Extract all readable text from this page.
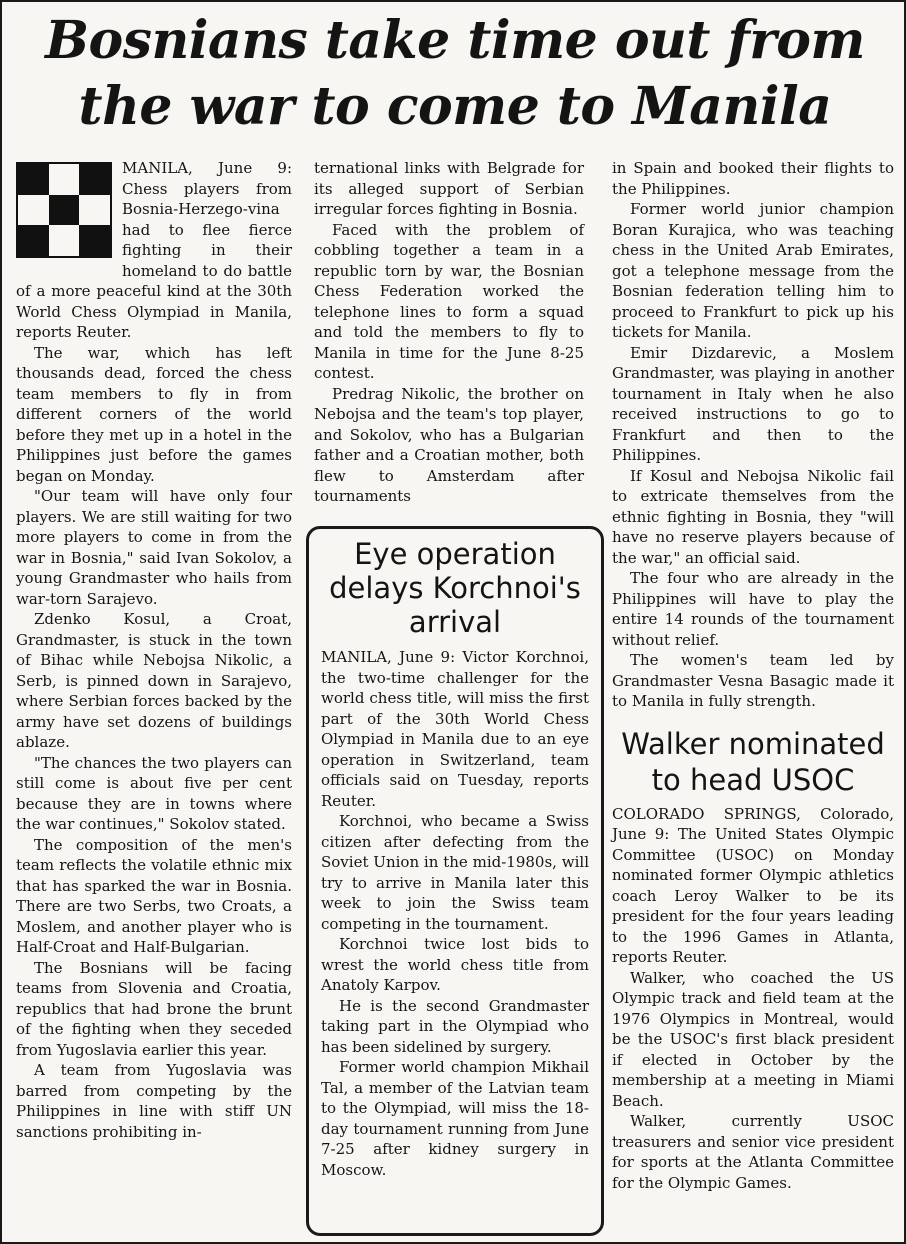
Bosnians take time out from the war to come to Manila

MANILA, June 9: Chess players from Bosnia-Herzego-vina had to flee fierce fighting in their homeland to do battle of a more peaceful kind at the 30th World Chess Olympiad in Manila, reports Reuter.

The war, which has left thousands dead, forced the chess team members to fly in from different corners of the world before they met up in a hotel in the Philippines just before the games began on Monday.

"Our team will have only four players. We are still waiting for two more players to come in from the war in Bosnia," said Ivan Sokolov, a young Grandmaster who hails from war-torn Sarajevo.

Zdenko Kosul, a Croat, Grandmaster, is stuck in the town of Bihac while Nebojsa Nikolic, a Serb, is pinned down in Sarajevo, where Serbian forces backed by the army have set dozens of buildings ablaze.

"The chances the two players can still come is about five per cent because they are in towns where the war continues," Sokolov stated.

The composition of the men's team reflects the volatile ethnic mix that has sparked the war in Bosnia. There are two Serbs, two Croats, a Moslem, and another player who is Half-Croat and Half-Bulgarian.

The Bosnians will be facing teams from Slovenia and Croatia, republics that had brone the brunt of the fighting when they seceded from Yugoslavia earlier this year.

A team from Yugoslavia was barred from competing by the Philippines in line with stiff UN sanctions prohibiting in-

ternational links with Belgrade for its alleged support of Serbian irregular forces fighting in Bosnia.

Faced with the problem of cobbling together a team in a republic torn by war, the Bosnian Chess Federation worked the telephone lines to form a squad and told the members to fly to Manila in time for the June 8-25 contest.

Predrag Nikolic, the brother on Nebojsa and the team's top player, and Sokolov, who has a Bulgarian father and a Croatian mother, both flew to Amsterdam after tournaments

Eye operation delays Korchnoi's arrival

MANILA, June 9: Victor Korchnoi, the two-time challenger for the world chess title, will miss the first part of the 30th World Chess Olympiad in Manila due to an eye operation in Switzerland, team officials said on Tuesday, reports Reuter.

Korchnoi, who became a Swiss citizen after defecting from the Soviet Union in the mid-1980s, will try to arrive in Manila later this week to join the Swiss team competing in the tournament.

Korchnoi twice lost bids to wrest the world chess title from Anatoly Karpov.

He is the second Grandmaster taking part in the Olympiad who has been sidelined by surgery.

Former world champion Mikhail Tal, a member of the Latvian team to the Olympiad, will miss the 18-day tournament running from June 7-25 after kidney surgery in Moscow.

in Spain and booked their flights to the Philippines.

Former world junior champion Boran Kurajica, who was teaching chess in the United Arab Emirates, got a telephone message from the Bosnian federation telling him to proceed to Frankfurt to pick up his tickets for Manila.

Emir Dizdarevic, a Moslem Grandmaster, was playing in another tournament in Italy when he also received instructions to go to Frankfurt and then to the Philippines.

If Kosul and Nebojsa Nikolic fail to extricate themselves from the ethnic fighting in Bosnia, they "will have no reserve players because of the war," an official said.

The four who are already in the Philippines will have to play the entire 14 rounds of the tournament without relief.

The women's team led by Grandmaster Vesna Basagic made it to Manila in fully strength.

Walker nominated to head USOC

COLORADO SPRINGS, Colorado, June 9: The United States Olympic Committee (USOC) on Monday nominated former Olympic athletics coach Leroy Walker to be its president for the four years leading to the 1996 Games in Atlanta, reports Reuter.

Walker, who coached the US Olympic track and field team at the 1976 Olympics in Montreal, would be the USOC's first black president if elected in October by the membership at a meeting in Miami Beach.

Walker, currently USOC treasurers and senior vice president for sports at the Atlanta Committee for the Olympic Games.
